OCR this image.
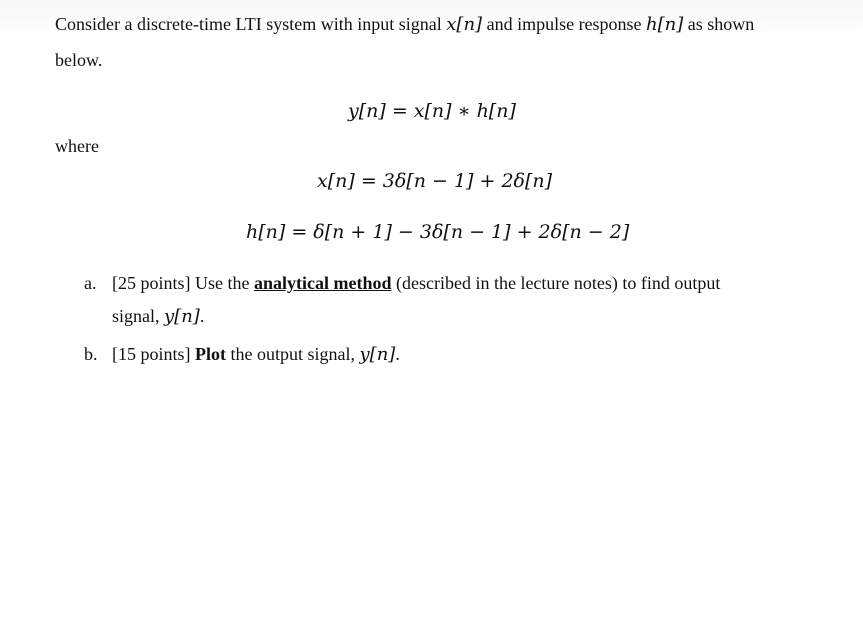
Consider a discrete-time LTI system with input signal x[n] and impulse response h[n] as shown
below.
y[n] = x[n] ∗ h[n]
where
x[n] = 3δ[n − 1] + 2δ[n]
h[n] = δ[n + 1] − 3δ[n − 1] + 2δ[n − 2]
a. [25 points] Use the analytical method (described in the lecture notes) to find output
signal, y[n].
b. [15 points] Plot the output signal, y[n].
